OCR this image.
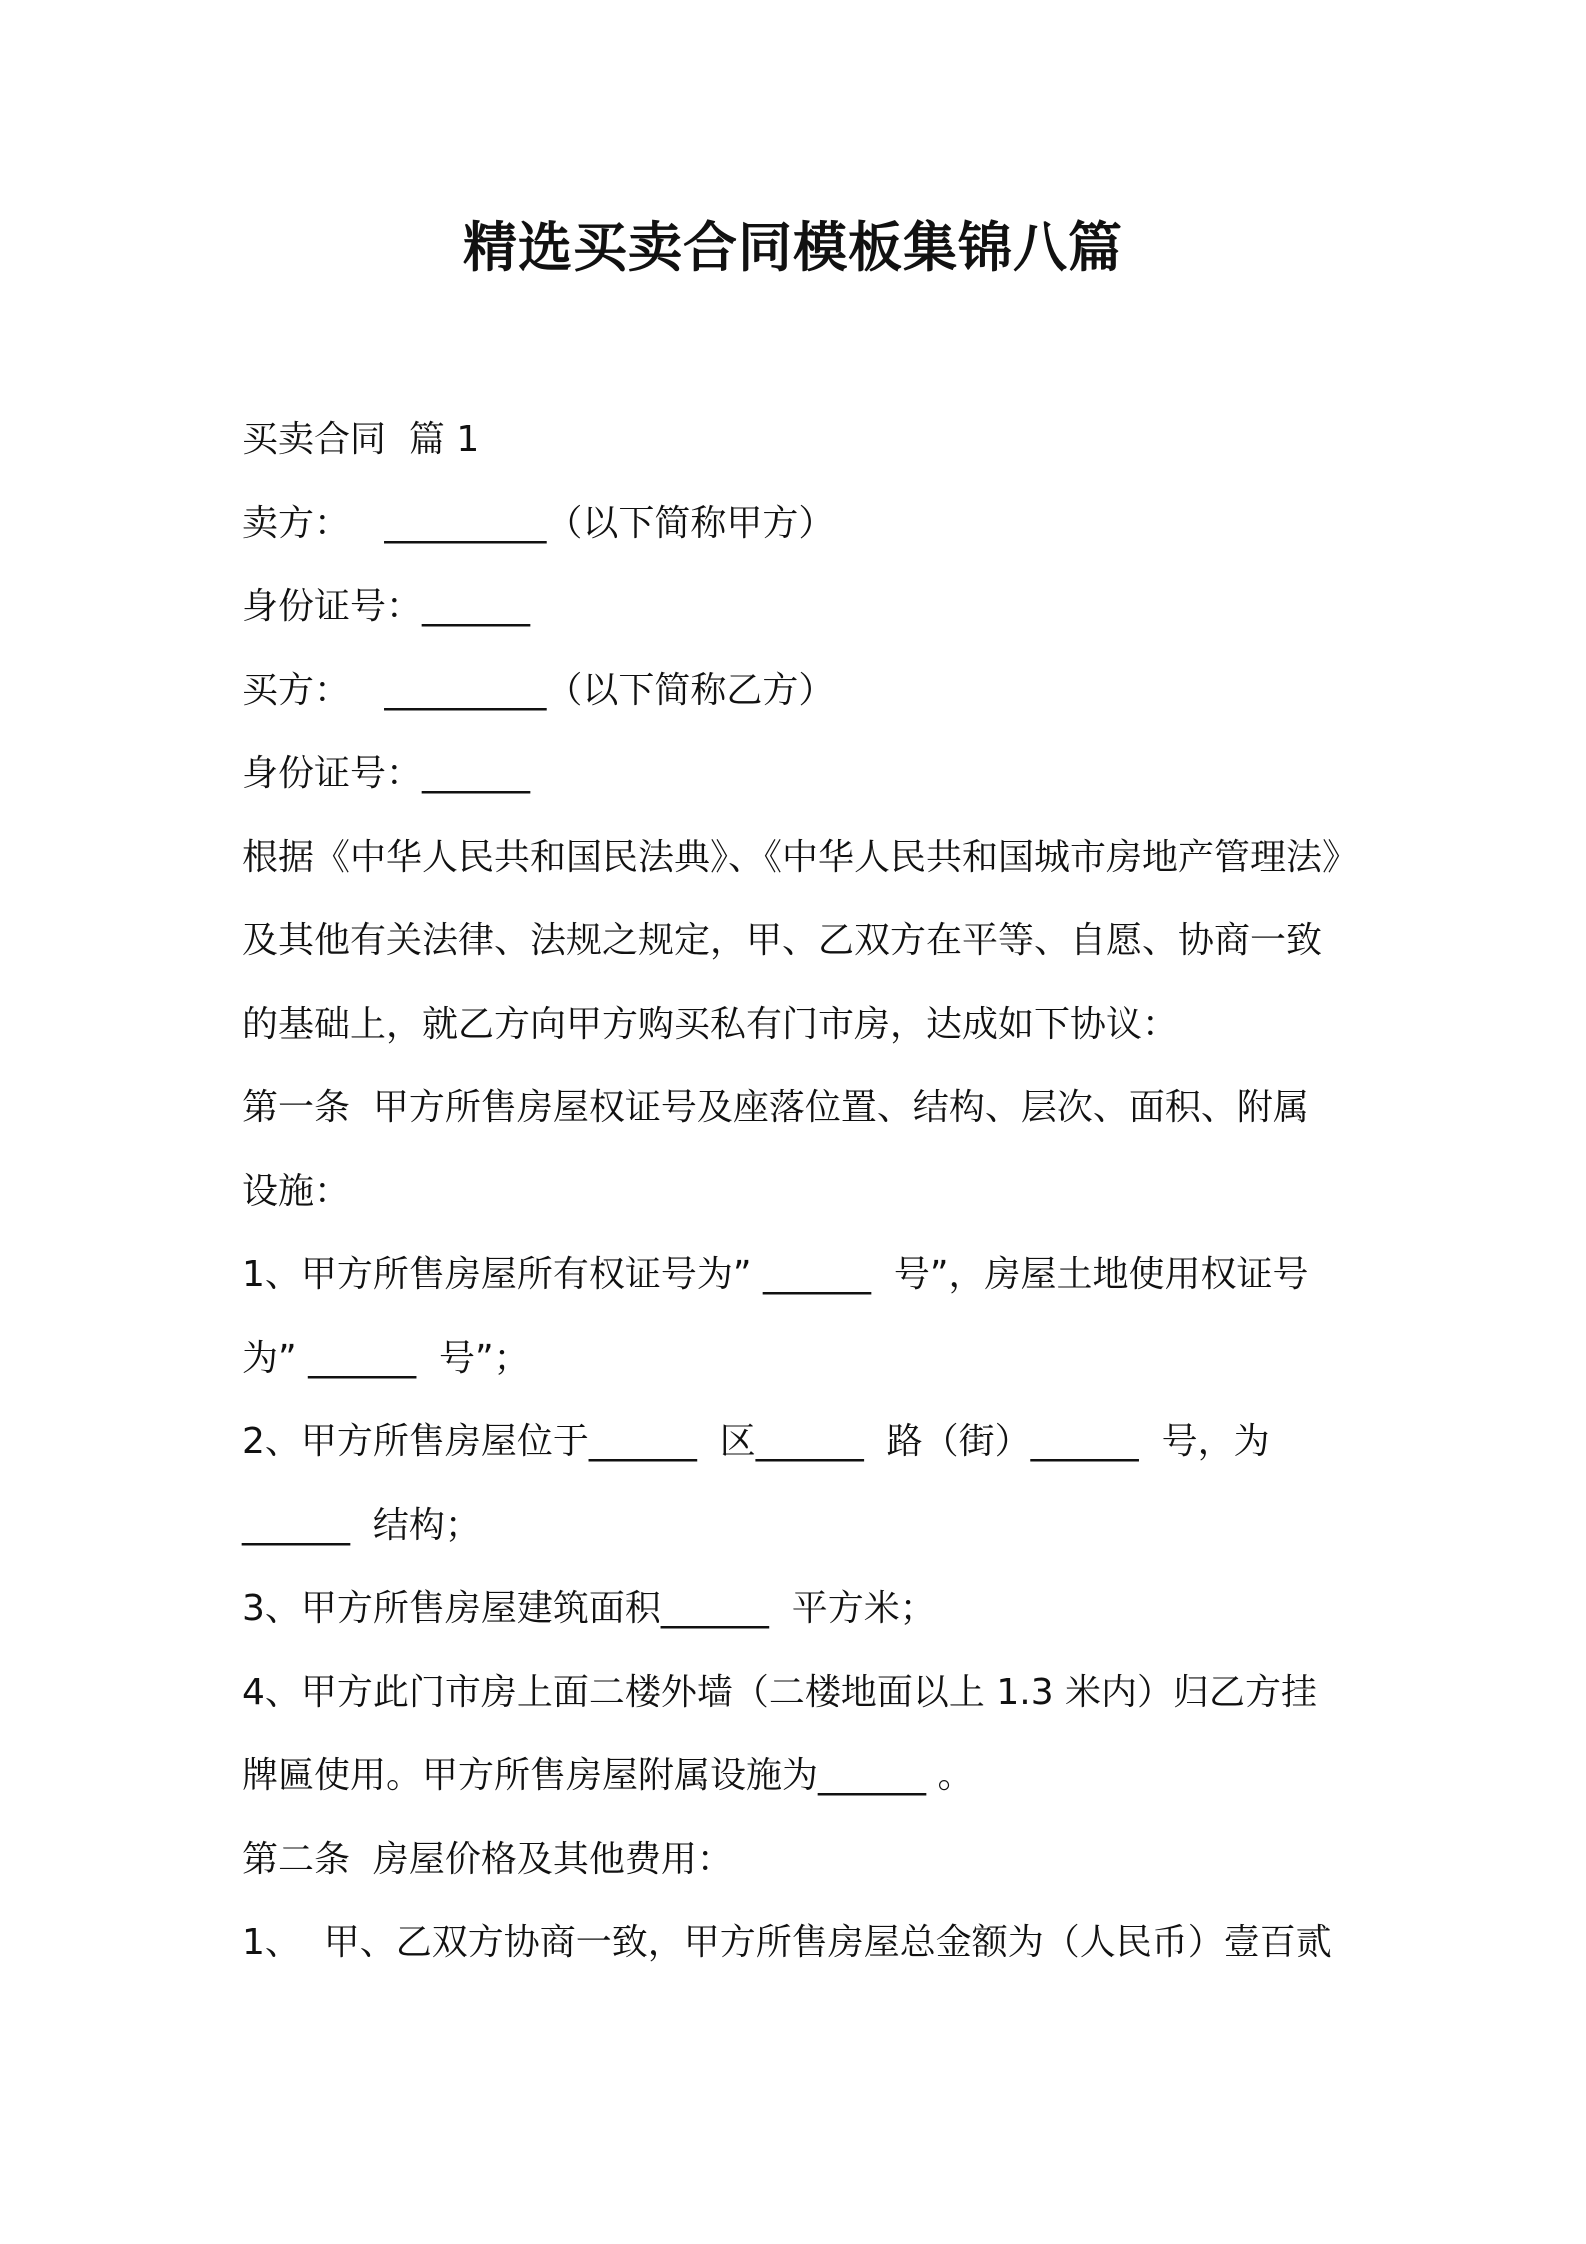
精选买卖合同模板集锦八篇
买卖合同  篇 1
卖方：   _________（以下简称甲方）
身份证号：______
买方：   _________（以下简称乙方）
身份证号：______
根据《中华人民共和国民法典》、《中华人民共和国城市房地产管理法》
及其他有关法律、法规之规定，甲、乙双方在平等、自愿、协商一致
的基础上，就乙方向甲方购买私有门市房，达成如下协议：
第一条  甲方所售房屋权证号及座落位置、结构、层次、面积、附属
设施：
1、甲方所售房屋所有权证号为” ______  号”，房屋土地使用权证号
为” ______  号”；
2、甲方所售房屋位于______  区______  路（街）______  号，为
______  结构；
3、甲方所售房屋建筑面积______  平方米；
4、甲方此门市房上面二楼外墙（二楼地面以上 1.3 米内）归乙方挂
牌匾使用。甲方所售房屋附属设施为______ 。
第二条  房屋价格及其他费用：
1、  甲、乙双方协商一致，甲方所售房屋总金额为（人民币）壹百贰
